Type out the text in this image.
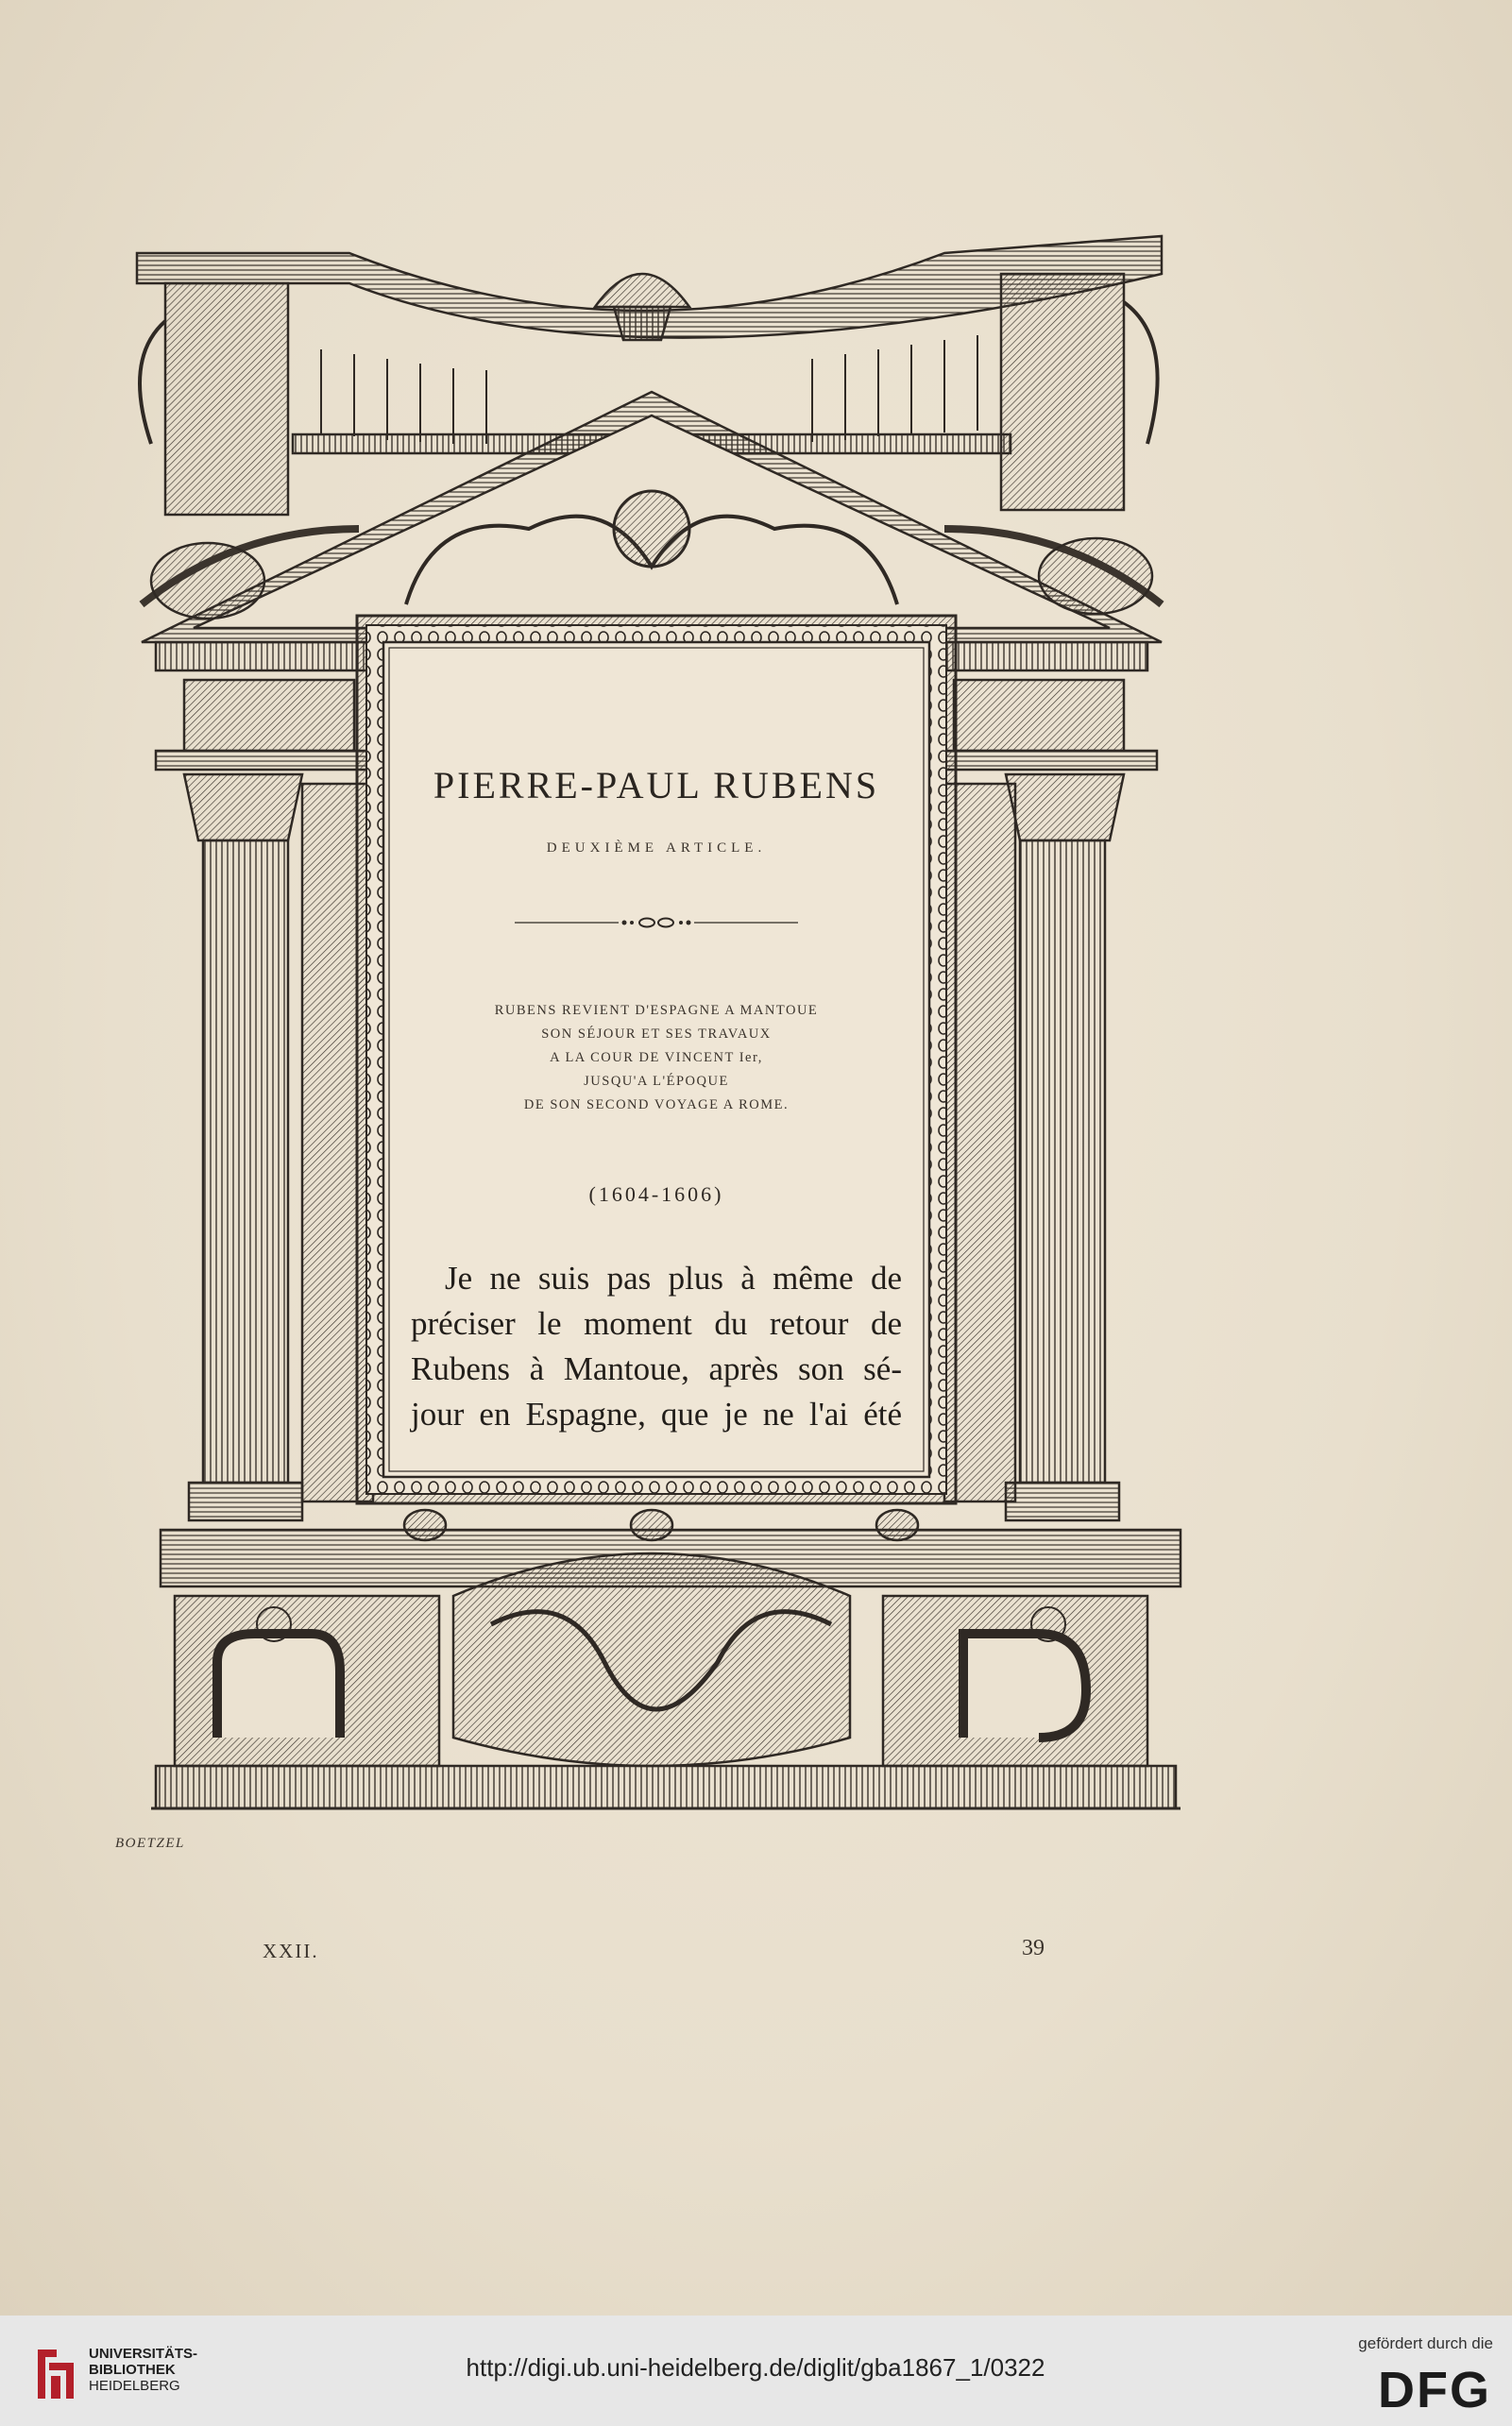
PIERRE-PAUL RUBENS
DEUXIÈME ARTICLE.
RUBENS REVIENT D'ESPAGNE A MANTOUE
SON SÉJOUR ET SES TRAVAUX
A LA COUR DE VINCENT Ier,
JUSQU'A L'ÉPOQUE
DE SON SECOND VOYAGE A ROME.
(1604-1606)
Je ne suis pas plus à même de
préciser le moment du retour de
Rubens à Mantoue, après son sé-
jour en Espagne, que je ne l'ai été
BOETZEL
XXII.	39
UNIVERSITÄTS-
BIBLIOTHEK
HEIDELBERG
http://digi.ub.uni-heidelberg.de/diglit/gba1867_1/0322
gefördert durch die
DFG
